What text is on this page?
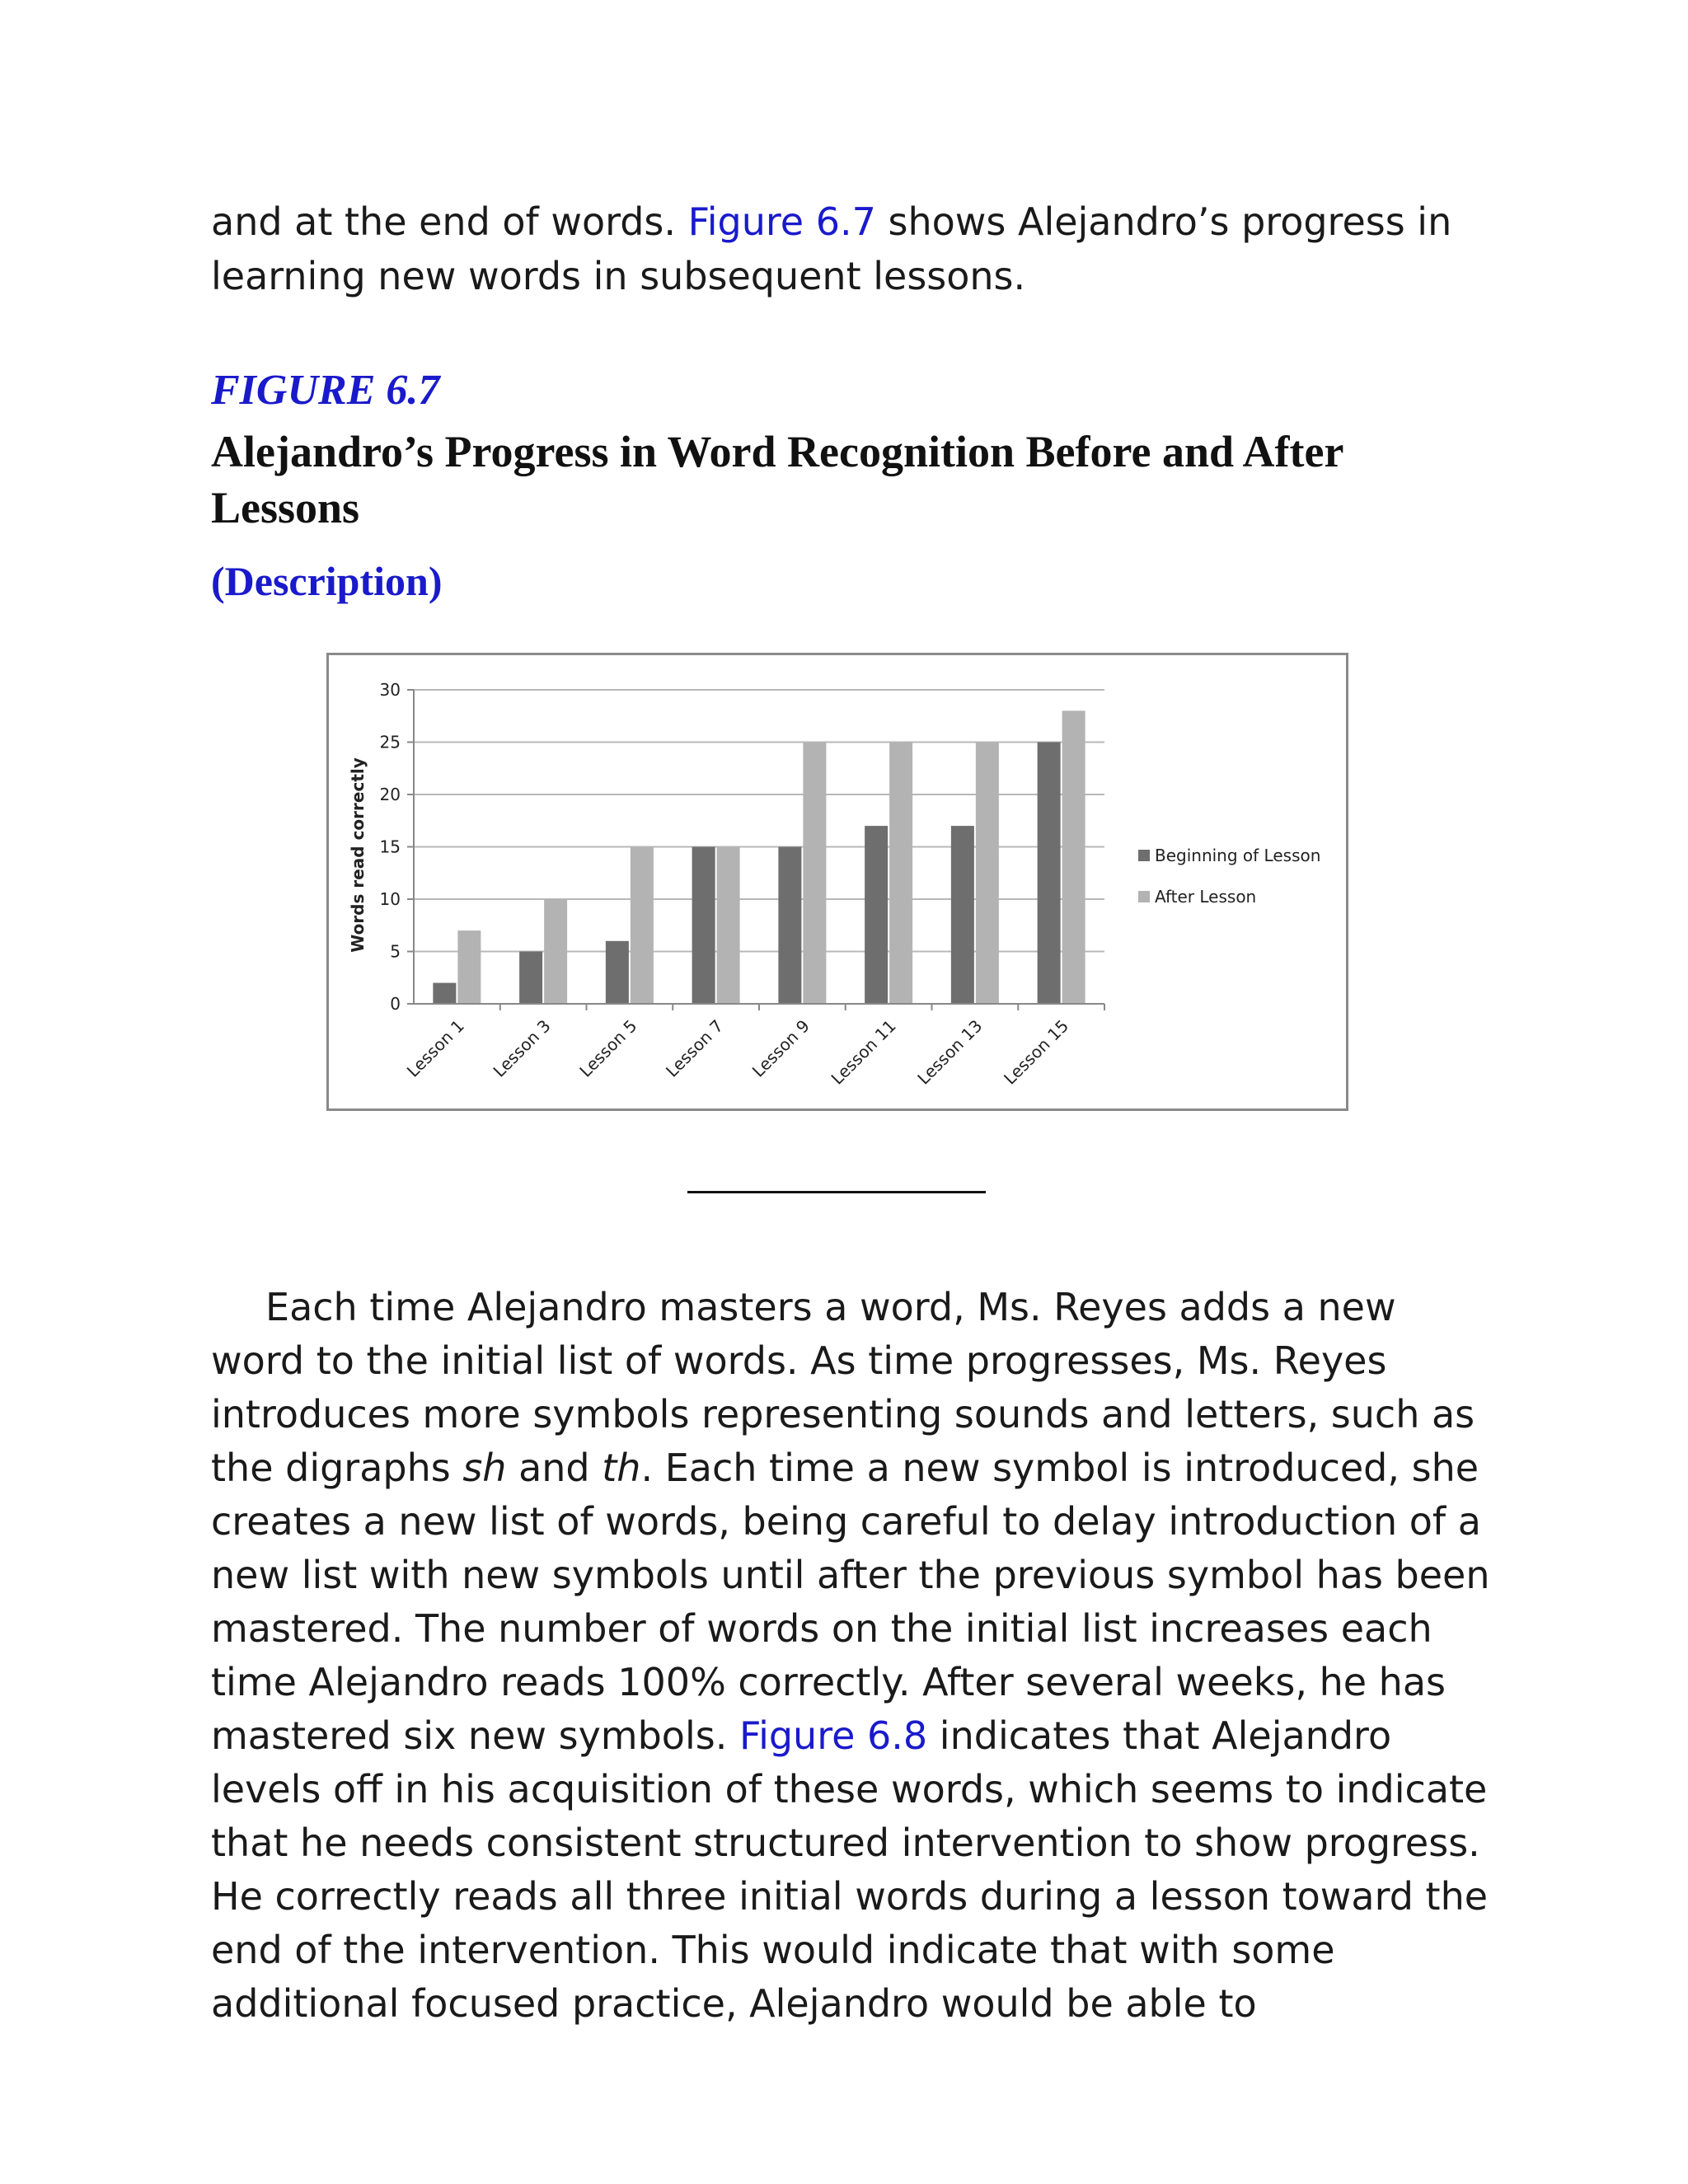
and at the end of words. Figure 6.7 shows Alejandro’s progress in learning new words in subsequent lessons.
FIGURE 6.7
Alejandro’s Progress in Word Recognition Before and After Lessons
(Description)
0
5
10
15
20
25
30
Words read correctly
Lesson 1 Lesson 3 Lesson 5 Lesson 7 Lesson 9 Lesson 11 Lesson 13 Lesson 15
Beginning of Lesson
After Lesson

Each time Alejandro masters a word, Ms. Reyes adds a new word to the initial list of words. As time progresses, Ms. Reyes introduces more symbols representing sounds and letters, such as the digraphs sh and th. Each time a new symbol is introduced, she creates a new list of words, being careful to delay introduction of a new list with new symbols until after the previous symbol has been mastered. The number of words on the initial list increases each time Alejandro reads 100% correctly. After several weeks, he has mastered six new symbols. Figure 6.8 indicates that Alejandro levels off in his acquisition of these words, which seems to indicate that he needs consistent structured intervention to show progress. He correctly reads all three initial words during a lesson toward the end of the intervention. This would indicate that with some additional focused practice, Alejandro would be able to
